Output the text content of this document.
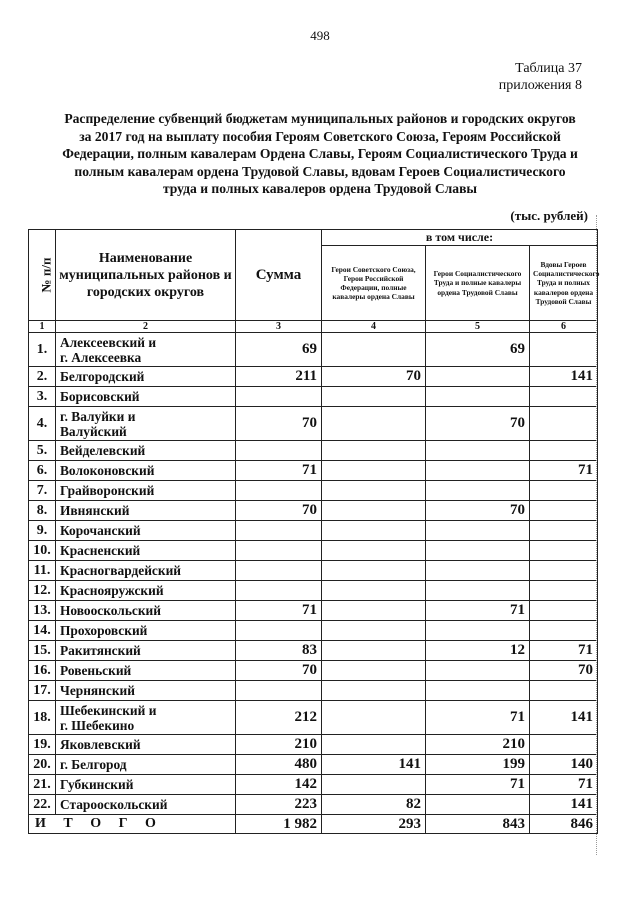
498
Таблица 37
приложения 8
Распределение субвенций бюджетам муниципальных районов и городских округов
за 2017 год на выплату пособия Героям Советского Союза, Героям Российской
Федерации, полным кавалерам Ордена Славы, Героям Социалистического Труда и
полным кавалерам ордена Трудовой Славы, вдовам Героев Социалистического
труда и полных кавалеров ордена Трудовой Славы
(тыс. рублей)
№ п/п	Наименование муниципальных районов и городских округов	Сумма	в том числе:		
			Герои Советского Союза, Герои Российской Федерации, полные кавалеры ордена Славы	Герои Социалистического Труда и полные кавалеры ордена Трудовой Славы	Вдовы Героев Социалистического Труда и полных кавалеров ордена Трудовой Славы
1	2	3	4	5	6
1.	Алексеевский и
г. Алексеевка	69		69	
2.	Белгородский	211	70		141
3.	Борисовский				

4.	г. Валуйки и
Валуйский	70		70	
5.	Вейделевский				

6.	Волоконовский	71			71
7.	Грайворонский				

8.	Ивнянский	70		70	
9.	Корочанский				

10.	Красненский				

11.	Красногвардейский				

12.	Краснояружский				

13.	Новооскольский	71		71	
14.	Прохоровский				

15.	Ракитянский	83		12	71
16.	Ровеньский	70			70
17.	Чернянский				

18.	Шебекинский и
г. Шебекино	212		71	141
19.	Яковлевский	210		210	
20.	г. Белгород	480	141	199	140
21.	Губкинский	142		71	71
22.	Старооскольский	223	82		141
И Т О Г О		1 982	293	843	846
